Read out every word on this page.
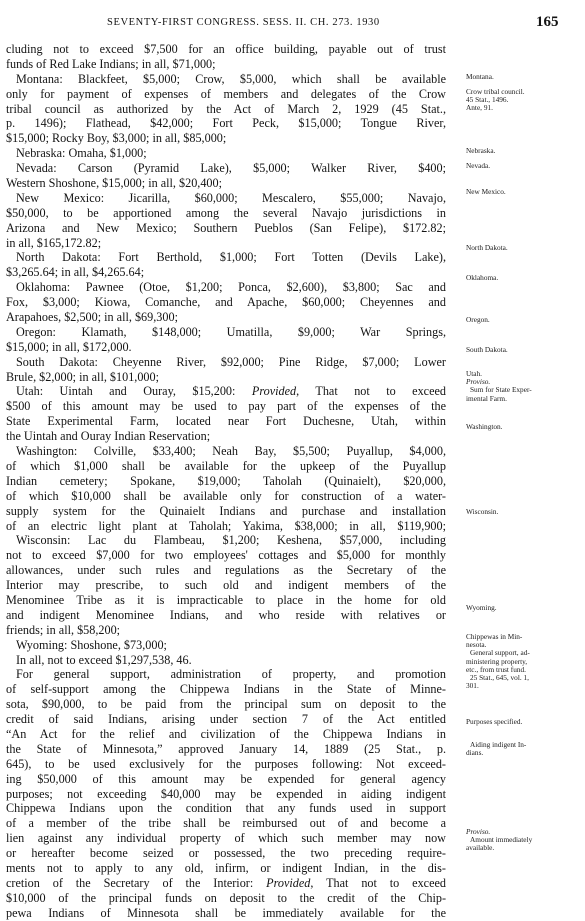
SEVENTY-FIRST CONGRESS. SESS. II. CH. 273. 1930	165
cluding not to exceed $7,500 for an office building, payable out of trust
funds of Red Lake Indians; in all, $71,000;
Montana: Blackfeet, $5,000; Crow, $5,000, which shall be available
only for payment of expenses of members and delegates of the Crow
tribal council as authorized by the Act of March 2, 1929 (45 Stat.,
p. 1496); Flathead, $42,000; Fort Peck, $15,000; Tongue River,
$15,000; Rocky Boy, $3,000; in all, $85,000;
Nebraska: Omaha, $1,000;
Nevada: Carson (Pyramid Lake), $5,000; Walker River, $400;
Western Shoshone, $15,000; in all, $20,400;
New Mexico: Jicarilla, $60,000; Mescalero, $55,000; Navajo,
$50,000, to be apportioned among the several Navajo jurisdictions in
Arizona and New Mexico; Southern Pueblos (San Felipe), $172.82;
in all, $165,172.82;
North Dakota: Fort Berthold, $1,000; Fort Totten (Devils Lake),
$3,265.64; in all, $4,265.64;
Oklahoma: Pawnee (Otoe, $1,200; Ponca, $2,600), $3,800; Sac and
Fox, $3,000; Kiowa, Comanche, and Apache, $60,000; Cheyennes and
Arapahoes, $2,500; in all, $69,300;
Oregon: Klamath, $148,000; Umatilla, $9,000; War Springs,
$15,000; in all, $172,000.
South Dakota: Cheyenne River, $92,000; Pine Ridge, $7,000; Lower
Brule, $2,000; in all, $101,000;
Utah: Uintah and Ouray, $15,200: Provided, That not to exceed
$500 of this amount may be used to pay part of the expenses of the
State Experimental Farm, located near Fort Duchesne, Utah, within
the Uintah and Ouray Indian Reservation;
Washington: Colville, $33,400; Neah Bay, $5,500; Puyallup, $4,000,
of which $1,000 shall be available for the upkeep of the Puyallup
Indian cemetery; Spokane, $19,000; Taholah (Quinaielt), $20,000,
of which $10,000 shall be available only for construction of a water-
supply system for the Quinaielt Indians and purchase and installation
of an electric light plant at Taholah; Yakima, $38,000; in all, $119,900;
Wisconsin: Lac du Flambeau, $1,200; Keshena, $57,000, including
not to exceed $7,000 for two employees' cottages and $5,000 for monthly
allowances, under such rules and regulations as the Secretary of the
Interior may prescribe, to such old and indigent members of the
Menominee Tribe as it is impracticable to place in the home for old
and indigent Menominee Indians, and who reside with relatives or
friends; in all, $58,200;
Wyoming: Shoshone, $73,000;
In all, not to exceed $1,297,538, 46.
For general support, administration of property, and promotion
of self-support among the Chippewa Indians in the State of Minne-
sota, $90,000, to be paid from the principal sum on deposit to the
credit of said Indians, arising under section 7 of the Act entitled
“An Act for the relief and civilization of the Chippewa Indians in
the State of Minnesota,” approved January 14, 1889 (25 Stat., p.
645), to be used exclusively for the purposes following: Not exceed-
ing $50,000 of this amount may be expended for general agency
purposes; not exceeding $40,000 may be expended in aiding indigent
Chippewa Indians upon the condition that any funds used in support
of a member of the tribe shall be reimbursed out of and become a
lien against any individual property of which such member may now
or hereafter become seized or possessed, the two preceding require-
ments not to apply to any old, infirm, or indigent Indian, in the dis-
cretion of the Secretary of the Interior: Provided, That not to exceed
$10,000 of the principal funds on deposit to the credit of the Chip-
pewa Indians of Minnesota shall be immediately available for the
Montana.
Crow tribal council.
45 Stat., 1496.
Ante, 91.
Nebraska.
Nevada.
New Mexico.
North Dakota.
Oklahoma.
Oregon.
South Dakota.
Utah.
Proviso.
Sum for State Exper-
imental Farm.
Washington.
Wisconsin.
Wyoming.
Chippewas in Min-
nesota.
General support, ad-
ministering property,
etc., from trust fund.
25 Stat., 645, vol. 1,
301.
Purposes specified.
Aiding indigent In-
dians.
Proviso.
Amount immediately
available.
